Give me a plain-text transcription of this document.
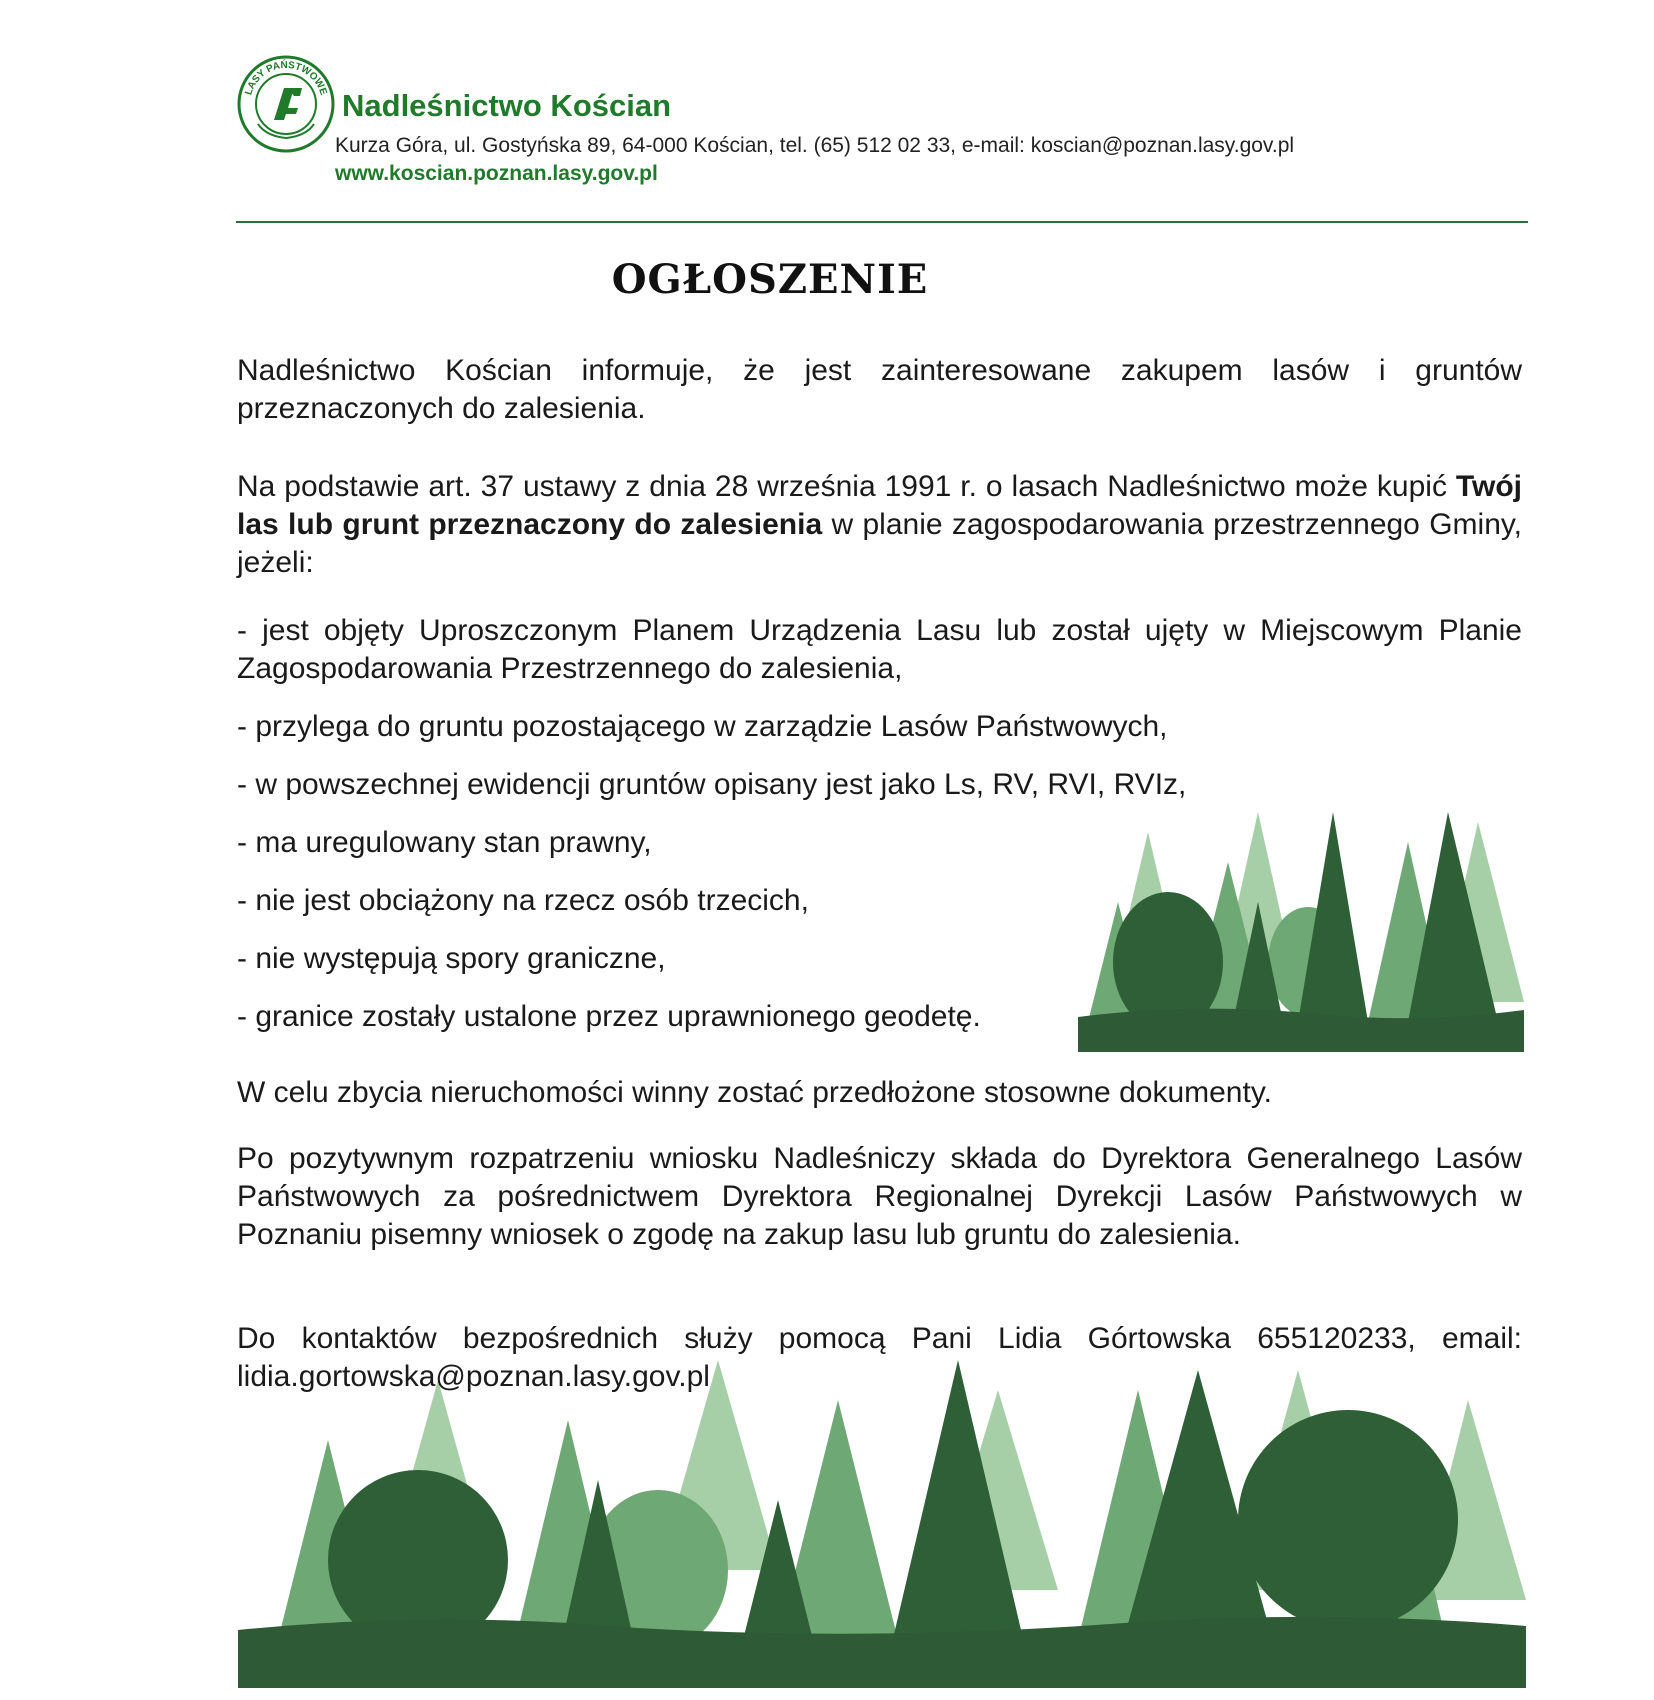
LASY PAŃSTWOWE Nadleśnictwo Kościan
Kurza Góra, ul. Gostyńska 89, 64-000 Kościan, tel. (65) 512 02 33, e-mail: koscian@poznan.lasy.gov.pl
www.koscian.poznan.lasy.gov.pl
OGŁOSZENIE
Nadleśnictwo Kościan informuje, że jest zainteresowane zakupem lasów i gruntów przeznaczonych do zalesienia.
Na podstawie art. 37 ustawy z dnia 28 września 1991 r. o lasach Nadleśnictwo może kupić Twój las lub grunt przeznaczony do zalesienia w planie zagospodarowania przestrzennego Gminy, jeżeli:
- jest objęty Uproszczonym Planem Urządzenia Lasu lub został ujęty w Miejscowym Planie Zagospodarowania Przestrzennego do zalesienia,
- przylega do gruntu pozostającego w zarządzie Lasów Państwowych,
- w powszechnej ewidencji gruntów opisany jest jako Ls, RV, RVI, RVIz,
- ma uregulowany stan prawny,
- nie jest obciążony na rzecz osób trzecich,
- nie występują spory graniczne,
- granice zostały ustalone przez uprawnionego geodetę.
W celu zbycia nieruchomości winny zostać przedłożone stosowne dokumenty.
Po pozytywnym rozpatrzeniu wniosku Nadleśniczy składa do Dyrektora Generalnego Lasów Państwowych za pośrednictwem Dyrektora Regionalnej Dyrekcji Lasów Państwowych w Poznaniu pisemny wniosek o zgodę na zakup lasu lub gruntu do zalesienia.
Do kontaktów bezpośrednich służy pomocą Pani Lidia Górtowska 655120233, email: lidia.gortowska@poznan.lasy.gov.pl
